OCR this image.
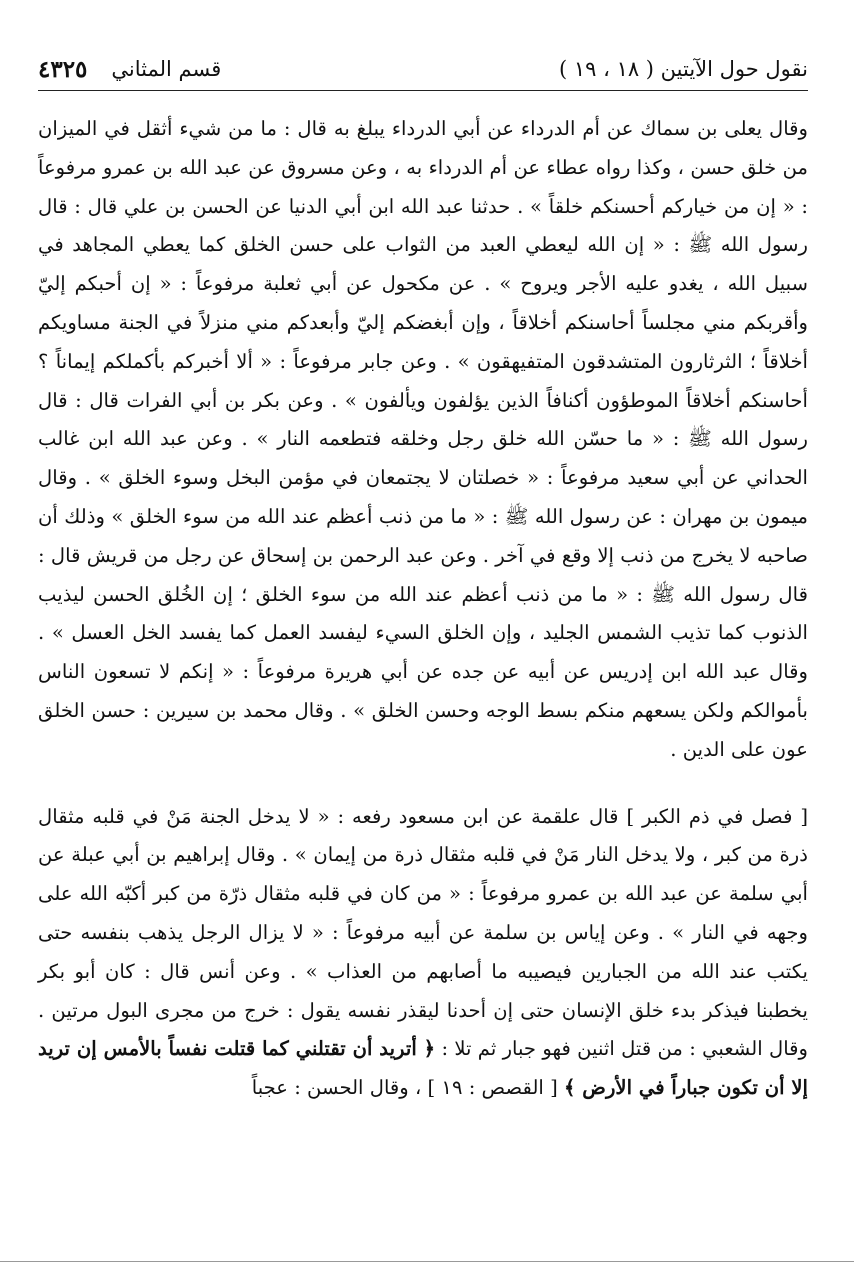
نقول حول الآيتين ( ١٨ ، ١٩ )
قسم المثاني
٤٣٢٥

وقال يعلى بن سماك عن أم الدرداء عن أبي الدرداء يبلغ به قال : ما من شيء أثقل في الميزان من خلق حسن ، وكذا رواه عطاء عن أم الدرداء به ، وعن مسروق عن عبد الله بن عمرو مرفوعاً : « إن من خياركم أحسنكم خلقاً » . حدثنا عبد الله ابن أبي الدنيا عن الحسن بن علي قال : قال رسول الله ﷺ : « إن الله ليعطي العبد من الثواب على حسن الخلق كما يعطي المجاهد في سبيل الله ، يغدو عليه الأجر ويروح » . عن مكحول عن أبي ثعلبة مرفوعاً : « إن أحبكم إليّ وأقربكم مني مجلساً أحاسنكم أخلاقاً ، وإن أبغضكم إليّ وأبعدكم مني منزلاً في الجنة مساويكم أخلاقاً ؛ الثرثارون المتشدقون المتفيهقون » . وعن جابر مرفوعاً : « ألا أخبركم بأكملكم إيماناً ؟ أحاسنكم أخلاقاً الموطؤون أكنافاً الذين يؤلفون ويألفون » . وعن بكر بن أبي الفرات قال : قال رسول الله ﷺ : « ما حسّن الله خلق رجل وخلقه فتطعمه النار » . وعن عبد الله ابن غالب الحداني عن أبي سعيد مرفوعاً : « خصلتان لا يجتمعان في مؤمن البخل وسوء الخلق » . وقال ميمون بن مهران : عن رسول الله ﷺ : « ما من ذنب أعظم عند الله من سوء الخلق » وذلك أن صاحبه لا يخرج من ذنب إلا وقع في آخر . وعن عبد الرحمن بن إسحاق عن رجل من قريش قال : قال رسول الله ﷺ : « ما من ذنب أعظم عند الله من سوء الخلق ؛ إن الخُلق الحسن ليذيب الذنوب كما تذيب الشمس الجليد ، وإن الخلق السيء ليفسد العمل كما يفسد الخل العسل » . وقال عبد الله ابن إدريس عن أبيه عن جده عن أبي هريرة مرفوعاً : « إنكم لا تسعون الناس بأموالكم ولكن يسعهم منكم بسط الوجه وحسن الخلق » . وقال محمد بن سيرين : حسن الخلق عون على الدين .

[ فصل في ذم الكبر ] قال علقمة عن ابن مسعود رفعه : « لا يدخل الجنة مَنْ في قلبه مثقال ذرة من كبر ، ولا يدخل النار مَنْ في قلبه مثقال ذرة من إيمان » . وقال إبراهيم بن أبي عبلة عن أبي سلمة عن عبد الله بن عمرو مرفوعاً : « من كان في قلبه مثقال ذرّة من كبر أكبّه الله على وجهه في النار » . وعن إياس بن سلمة عن أبيه مرفوعاً : « لا يزال الرجل يذهب بنفسه حتى يكتب عند الله من الجبارين فيصيبه ما أصابهم من العذاب » . وعن أنس قال : كان أبو بكر يخطبنا فيذكر بدء خلق الإنسان حتى إن أحدنا ليقذر نفسه يقول : خرج من مجرى البول مرتين . وقال الشعبي : من قتل اثنين فهو جبار ثم تلا : ﴿ أتريد أن تقتلني كما قتلت نفساً بالأمس إن تريد إلا أن تكون جباراً في الأرض ﴾ [ القصص : ١٩ ] ، وقال الحسن : عجباً
